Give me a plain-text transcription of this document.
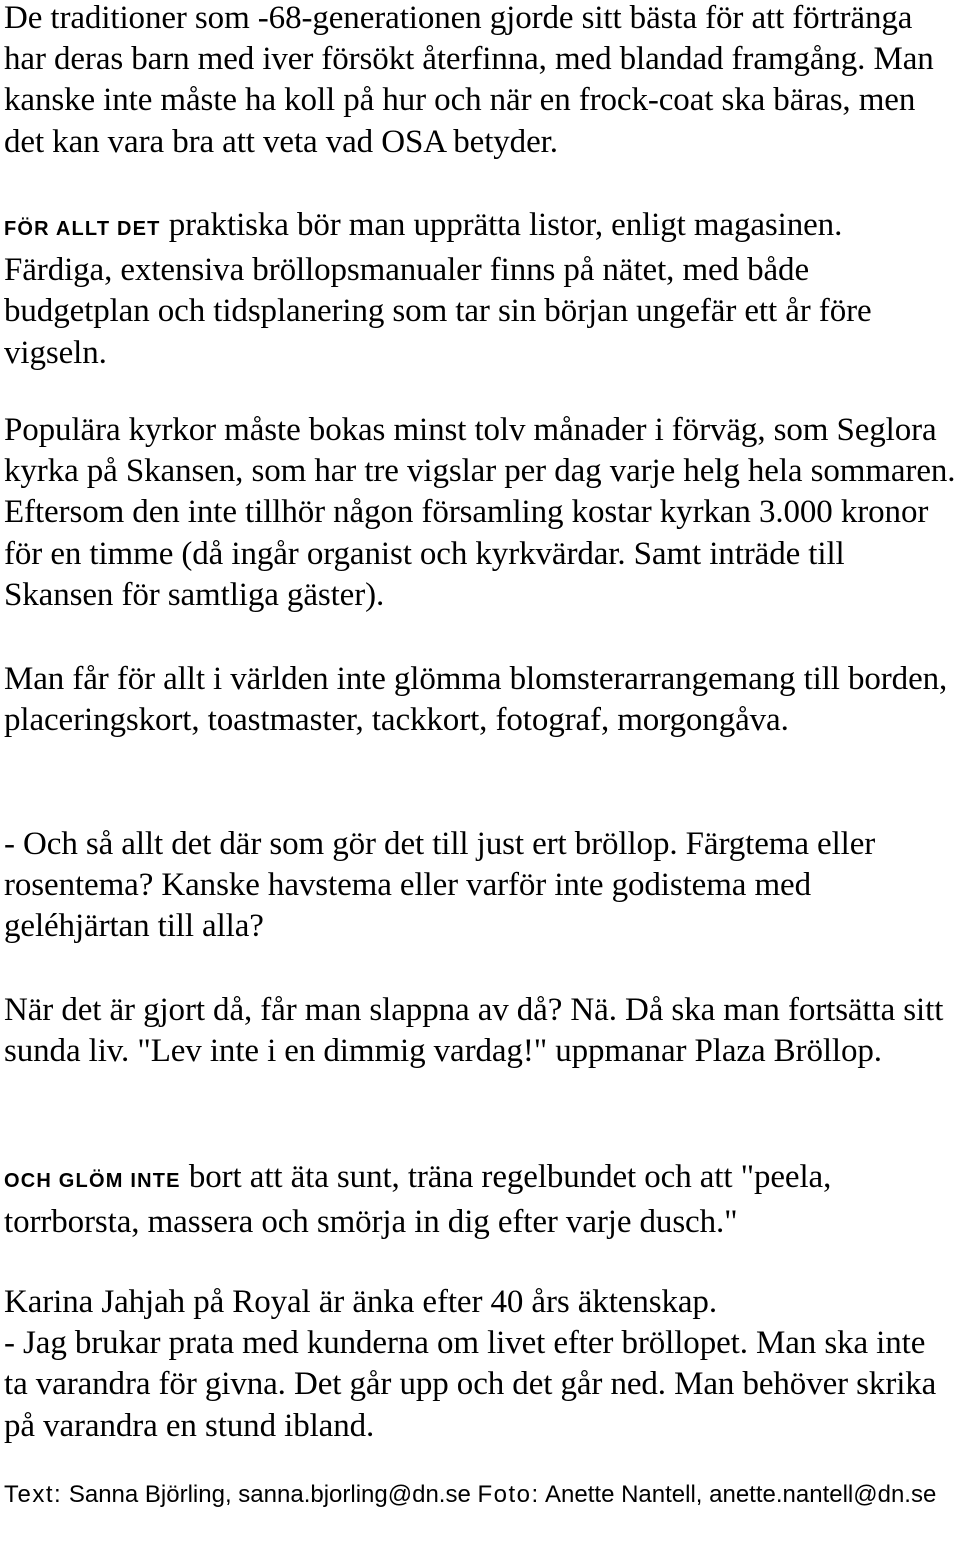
De traditioner som -68-generationen gjorde sitt bästa för att förtränga har deras barn med iver försökt återfinna, med blandad framgång. Man kanske inte måste ha koll på hur och när en frock-coat ska bäras, men det kan vara bra att veta vad OSA betyder.

FÖR ALLT DET praktiska bör man upprätta listor, enligt magasinen. Färdiga, extensiva bröllopsmanualer finns på nätet, med både budgetplan och tidsplanering som tar sin början ungefär ett år före vigseln.

Populära kyrkor måste bokas minst tolv månader i förväg, som Seglora kyrka på Skansen, som har tre vigslar per dag varje helg hela sommaren. Eftersom den inte tillhör någon församling kostar kyrkan 3.000 kronor för en timme (då ingår organist och kyrkvärdar. Samt inträde till Skansen för samtliga gäster).

Man får för allt i världen inte glömma blomsterarrangemang till borden, placeringskort, toastmaster, tackkort, fotograf, morgongåva.

- Och så allt det där som gör det till just ert bröllop. Färgtema eller rosentema? Kanske havstema eller varför inte godistema med geléhjärtan till alla?

När det är gjort då, får man slappna av då? Nä. Då ska man fortsätta sitt sunda liv. "Lev inte i en dimmig vardag!" uppmanar Plaza Bröllop.

OCH GLÖM INTE bort att äta sunt, träna regelbundet och att "peela, torrborsta, massera och smörja in dig efter varje dusch."

Karina Jahjah på Royal är änka efter 40 års äktenskap.
- Jag brukar prata med kunderna om livet efter bröllopet. Man ska inte ta varandra för givna. Det går upp och det går ned. Man behöver skrika på varandra en stund ibland.

Text: Sanna Björling, sanna.bjorling@dn.se Foto: Anette Nantell, anette.nantell@dn.se
